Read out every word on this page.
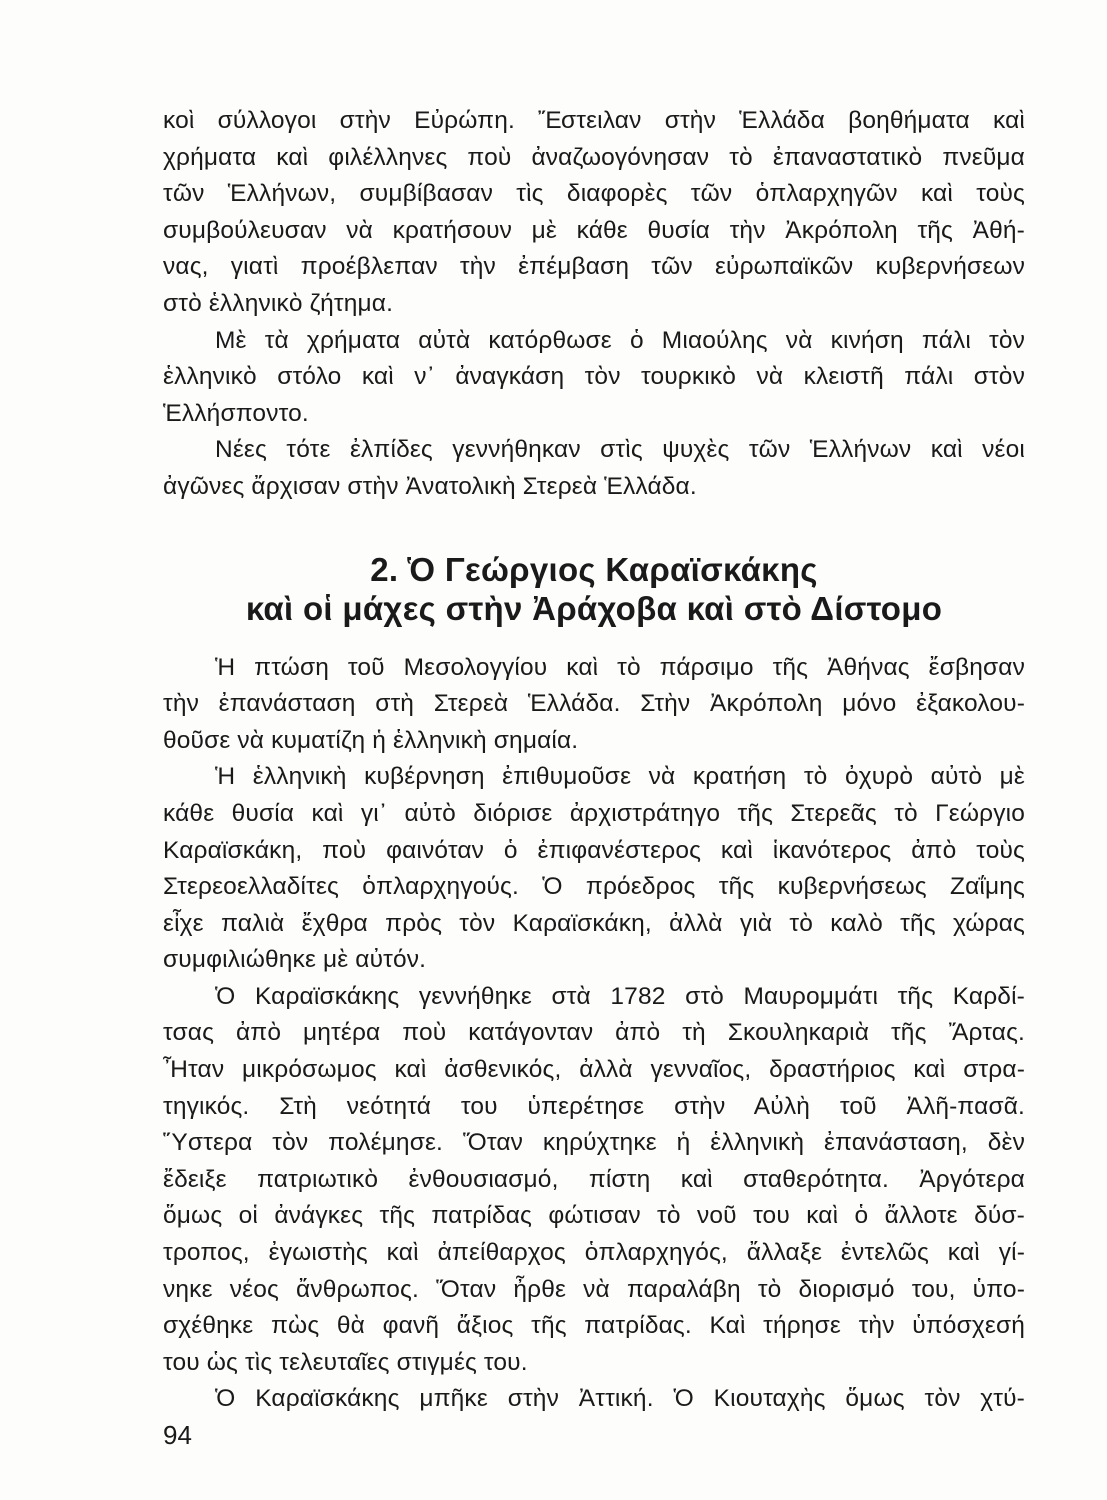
κοὶ σύλλογοι στὴν Εὐρώπη. Ἔστειλαν στὴν Ἑλλάδα βοηθήματα καὶ
χρήματα καὶ φιλέλληνες ποὺ ἀναζωογόνησαν τὸ ἐπαναστατικὸ πνεῦμα
τῶν Ἑλλήνων, συμβίβασαν τὶς διαφορὲς τῶν ὁπλαρχηγῶν καὶ τοὺς
συμβούλευσαν νὰ κρατήσουν μὲ κάθε θυσία τὴν Ἀκρόπολη τῆς Ἀθή-
νας, γιατὶ προέβλεπαν τὴν ἐπέμβαση τῶν εὐρωπαϊκῶν κυβερνήσεων
στὸ ἑλληνικὸ ζήτημα.

Μὲ τὰ χρήματα αὐτὰ κατόρθωσε ὁ Μιαούλης νὰ κινήση πάλι τὸν
ἑλληνικὸ στόλο καὶ ν᾿ ἀναγκάση τὸν τουρκικὸ νὰ κλειστῆ πάλι στὸν
Ἑλλήσποντο.

Νέες τότε ἐλπίδες γεννήθηκαν στὶς ψυχὲς τῶν Ἑλλήνων καὶ νέοι
ἀγῶνες ἄρχισαν στὴν Ἀνατολικὴ Στερεὰ Ἑλλάδα.

2. Ὁ Γεώργιος Καραϊσκάκης
καὶ οἱ μάχες στὴν Ἀράχοβα καὶ στὸ Δίστομο

Ἡ πτώση τοῦ Μεσολογγίου καὶ τὸ πάρσιμο τῆς Ἀθήνας ἔσβησαν
τὴν ἐπανάσταση στὴ Στερεὰ Ἑλλάδα. Στὴν Ἀκρόπολη μόνο ἐξακολου-
θοῦσε νὰ κυματίζη ἡ ἑλληνικὴ σημαία.

Ἡ ἑλληνικὴ κυβέρνηση ἐπιθυμοῦσε νὰ κρατήση τὸ ὀχυρὸ αὐτὸ μὲ
κάθε θυσία καὶ γι᾿ αὐτὸ διόρισε ἀρχιστράτηγο τῆς Στερεᾶς τὸ Γεώργιο
Καραϊσκάκη, ποὺ φαινόταν ὁ ἐπιφανέστερος καὶ ἱκανότερος ἀπὸ τοὺς
Στερεοελλαδίτες ὁπλαρχηγούς. Ὁ πρόεδρος τῆς κυβερνήσεως Ζαΐμης
εἶχε παλιὰ ἔχθρα πρὸς τὸν Καραϊσκάκη, ἀλλὰ γιὰ τὸ καλὸ τῆς χώρας
συμφιλιώθηκε μὲ αὐτόν.

Ὁ Καραϊσκάκης γεννήθηκε στὰ 1782 στὸ Μαυρομμάτι τῆς Καρδί-
τσας ἀπὸ μητέρα ποὺ κατάγονταν ἀπὸ τὴ Σκουληκαριὰ τῆς Ἄρτας.
Ἦταν μικρόσωμος καὶ ἀσθενικός, ἀλλὰ γενναῖος, δραστήριος καὶ στρα-
τηγικός. Στὴ νεότητά του ὑπερέτησε στὴν Αὐλὴ τοῦ Ἀλῆ-πασᾶ.
Ὕστερα τὸν πολέμησε. Ὅταν κηρύχτηκε ἡ ἑλληνικὴ ἐπανάσταση, δὲν
ἔδειξε πατριωτικὸ ἐνθουσιασμό, πίστη καὶ σταθερότητα. Ἀργότερα
ὅμως οἱ ἀνάγκες τῆς πατρίδας φώτισαν τὸ νοῦ του καὶ ὁ ἄλλοτε δύσ-
τροπος, ἐγωιστὴς καὶ ἀπείθαρχος ὁπλαρχηγός, ἄλλαξε ἐντελῶς καὶ γί-
νηκε νέος ἄνθρωπος. Ὅταν ἦρθε νὰ παραλάβη τὸ διορισμό του, ὑπο-
σχέθηκε πὼς θὰ φανῆ ἄξιος τῆς πατρίδας. Καὶ τήρησε τὴν ὑπόσχεσή
του ὡς τὶς τελευταῖες στιγμές του.

Ὁ Καραϊσκάκης μπῆκε στὴν Ἀττική. Ὁ Κιουταχὴς ὅμως τὸν χτύ-

94
